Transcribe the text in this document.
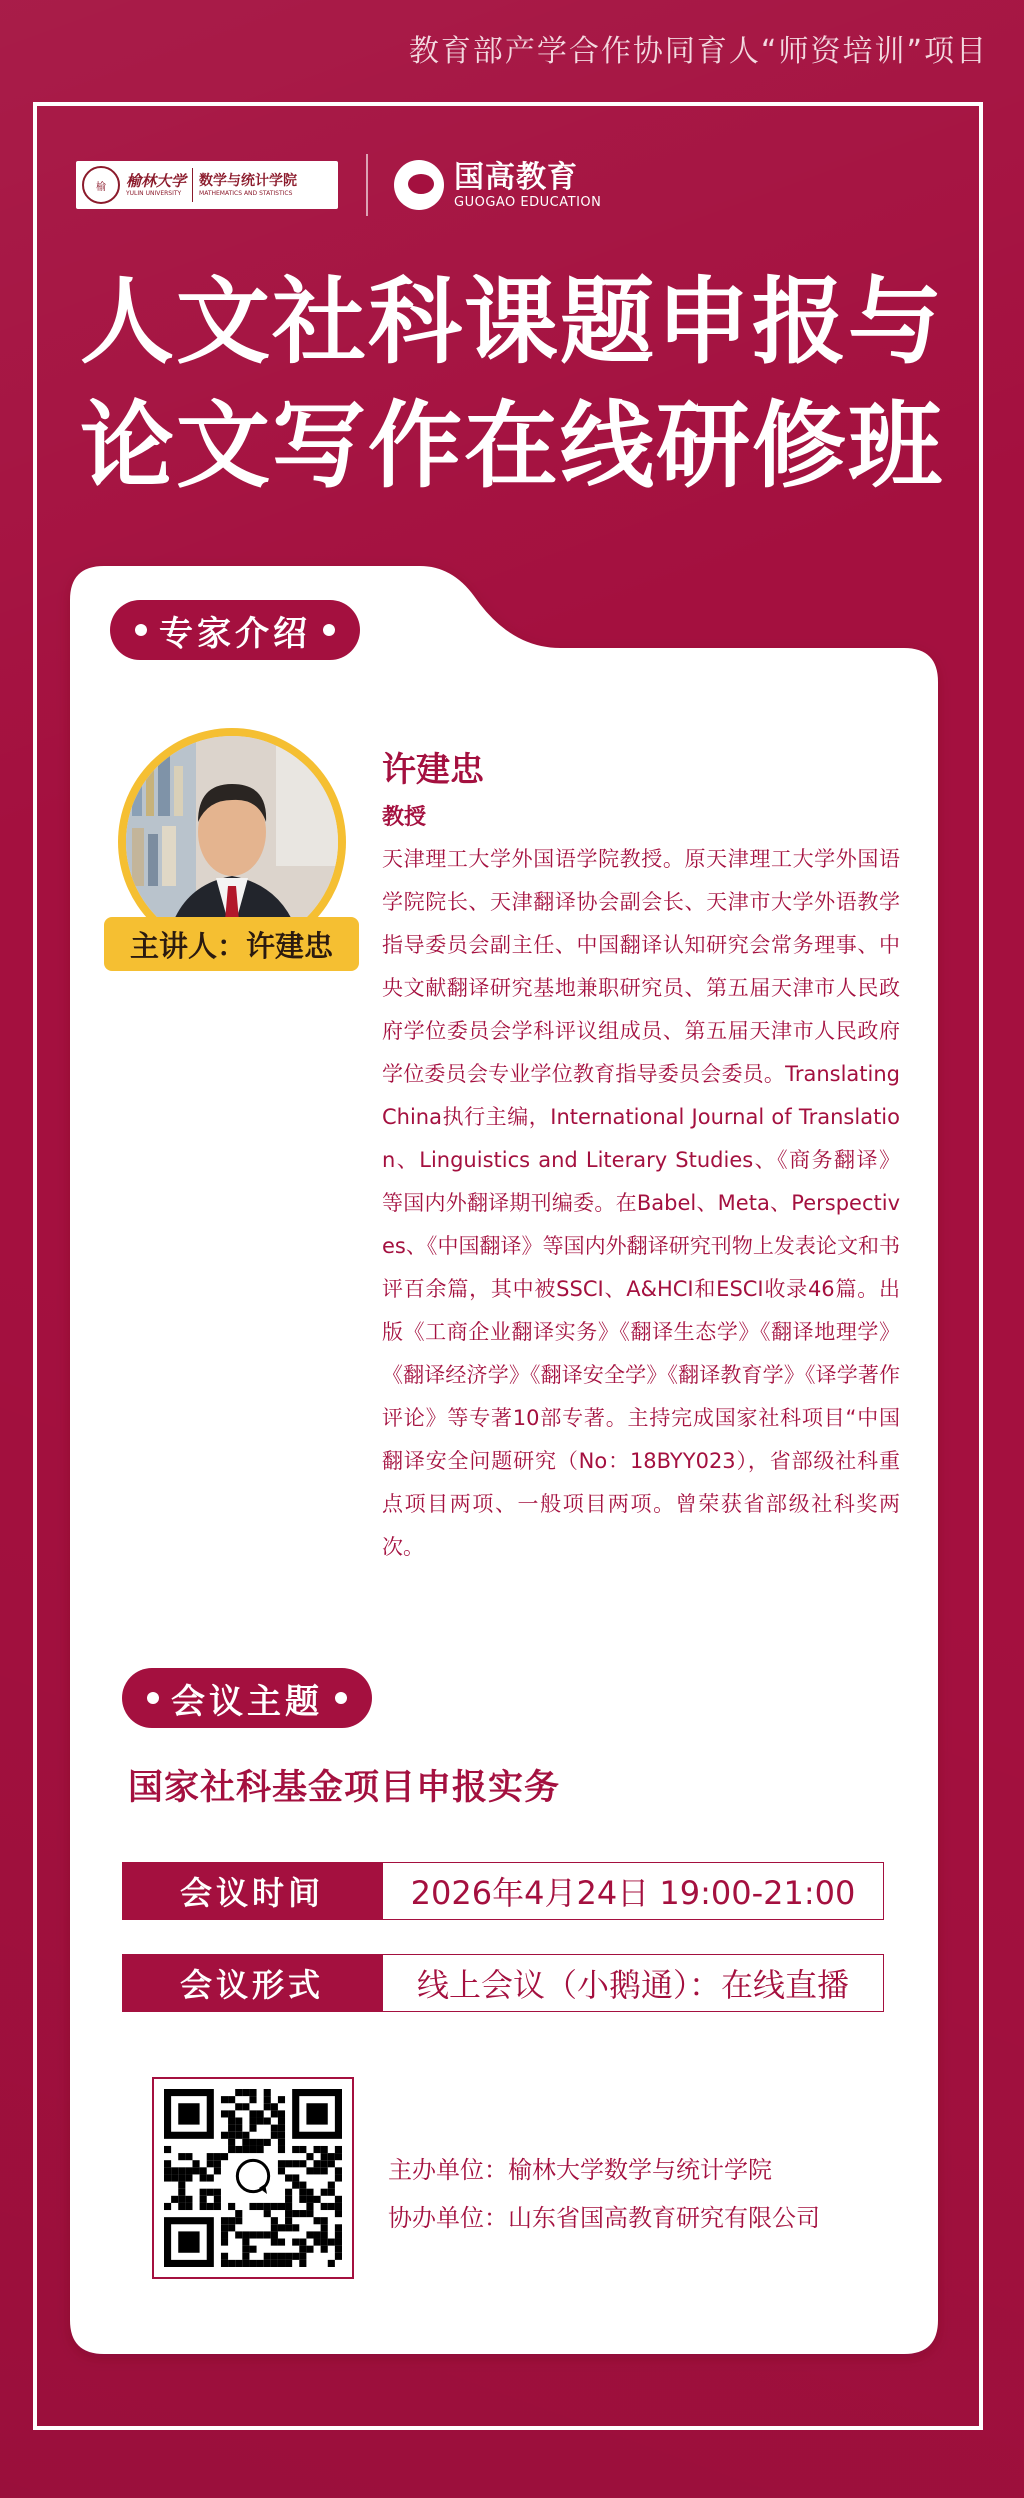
教育部产学合作协同育人“师资培训”项目
榆	榆林大学
YULIN UNIVERSITY
数学与统计学院
MATHEMATICS AND STATISTICS	国高教育
GUOGAO EDUCATION
人文社科课题申报与
论文写作在线研修班
专家介绍
主讲人：许建忠
许建忠
教授
天津理工大学外国语学院教授。原天津理工大学外国语学院院长、天津翻译协会副会长、天津市大学外语教学指导委员会副主任、中国翻译认知研究会常务理事、中央文献翻译研究基地兼职研究员、第五届天津市人民政府学位委员会学科评议组成员、第五届天津市人民政府学位委员会专业学位教育指导委员会委员。Translating China执行主编，International Journal of Translation、Linguistics and Literary Studies、《商务翻译》等国内外翻译期刊编委。在Babel、Meta、Perspectives、《中国翻译》等国内外翻译研究刊物上发表论文和书评百余篇，其中被SSCI、A&HCI和ESCI收录46篇。出版《工商企业翻译实务》《翻译生态学》《翻译地理学》《翻译经济学》《翻译安全学》《翻译教育学》《译学著作评论》等专著10部专著。主持完成国家社科项目“中国翻译安全问题研究（No：18BYY023），省部级社科重点项目两项、一般项目两项。曾荣获省部级社科奖两次。
会议主题
国家社科基金项目申报实务
会议时间	2026年4月24日 19:00-21:00
会议形式	线上会议（小鹅通）：在线直播
主办单位：榆林大学数学与统计学院
协办单位：山东省国高教育研究有限公司
